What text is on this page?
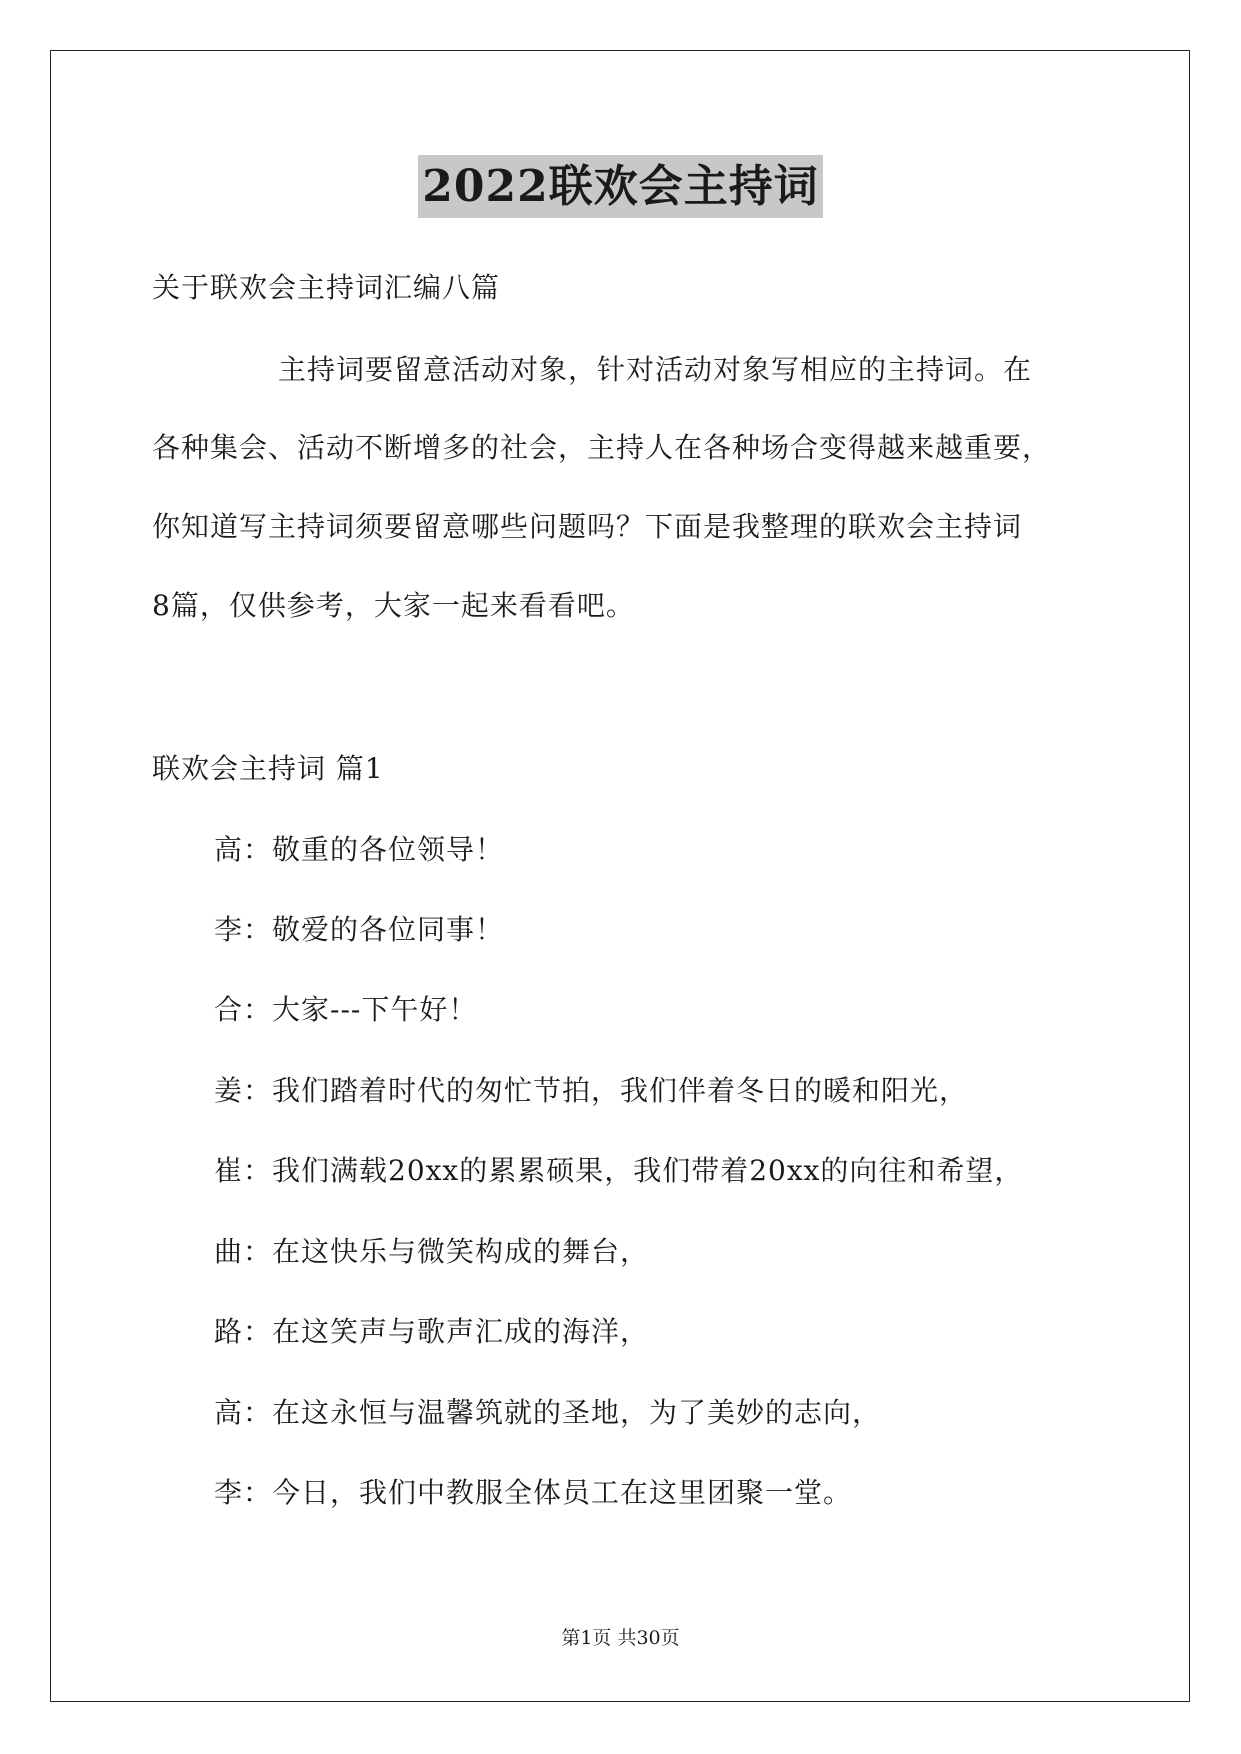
2022联欢会主持词
关于联欢会主持词汇编八篇
主持词要留意活动对象，针对活动对象写相应的主持词。在
各种集会、活动不断增多的社会，主持人在各种场合变得越来越重要，
你知道写主持词须要留意哪些问题吗？下面是我整理的联欢会主持词
8篇，仅供参考，大家一起来看看吧。
联欢会主持词 篇1
高：敬重的各位领导！
李：敬爱的各位同事！
合：大家---下午好！
姜：我们踏着时代的匆忙节拍，我们伴着冬日的暖和阳光，
崔：我们满载20xx的累累硕果，我们带着20xx的向往和希望，
曲：在这快乐与微笑构成的舞台，
路：在这笑声与歌声汇成的海洋，
高：在这永恒与温馨筑就的圣地，为了美妙的志向，
李：今日，我们中教服全体员工在这里团聚一堂。
第1页 共30页
